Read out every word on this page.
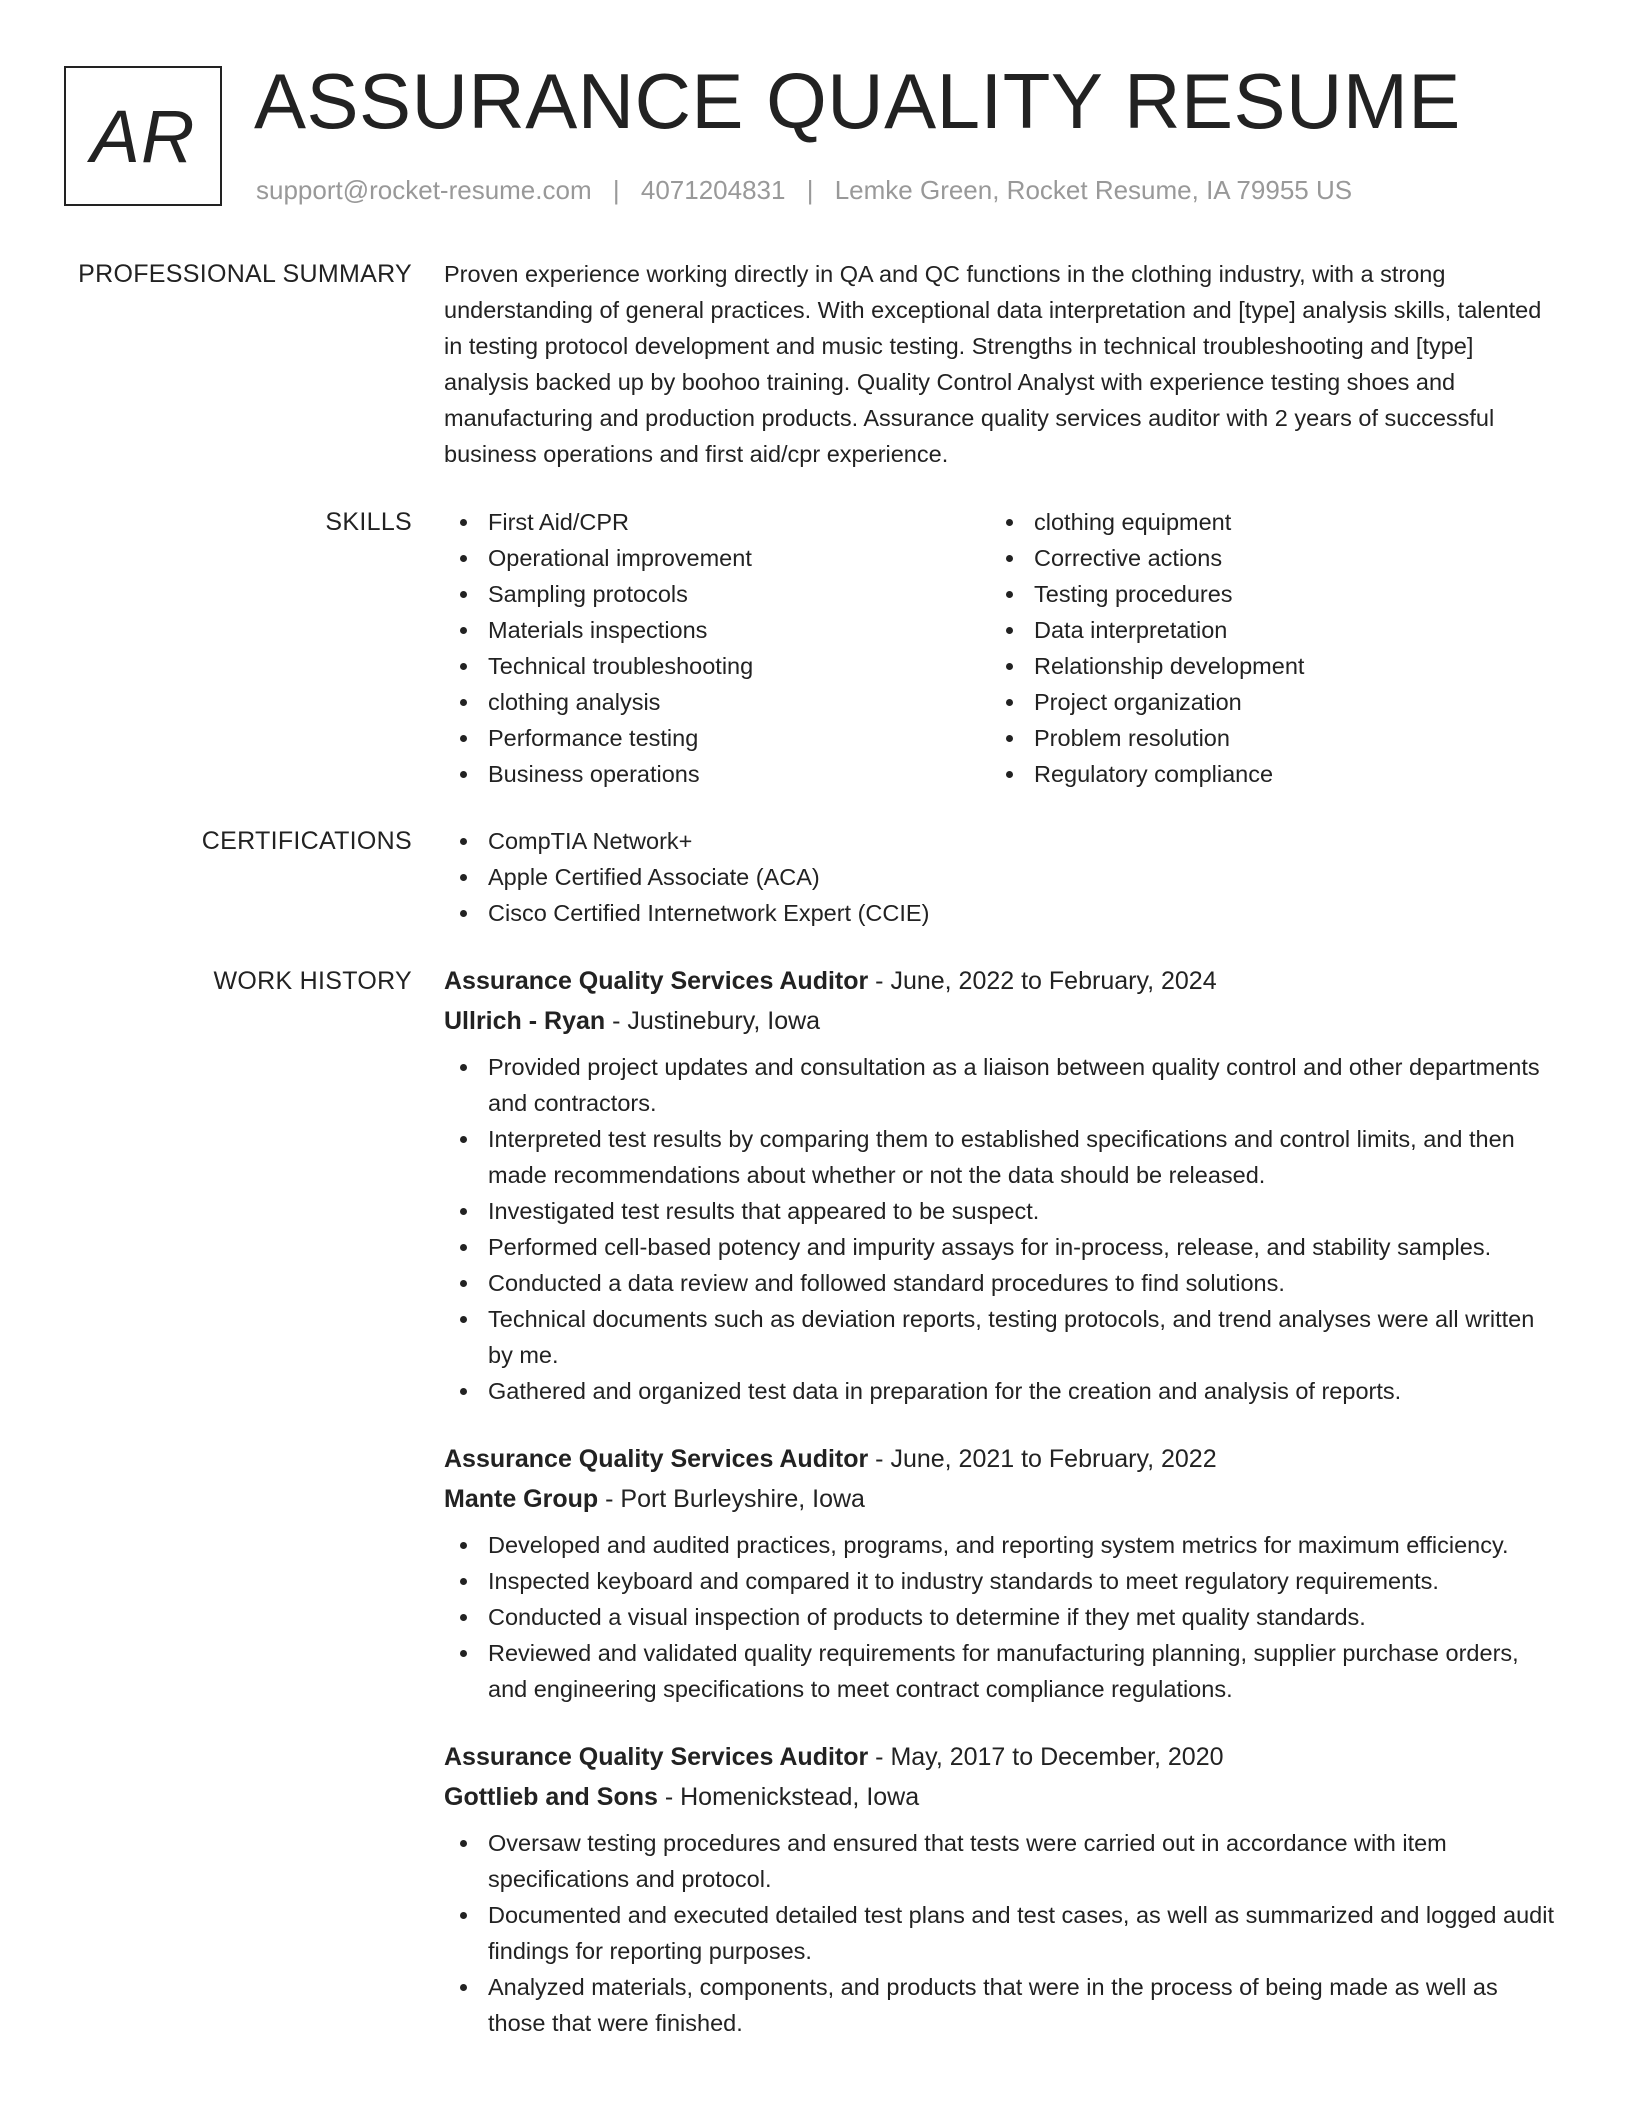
AR ASSURANCE QUALITY RESUME
support@rocket-resume.com | 4071204831 | Lemke Green, Rocket Resume, IA 79955 US
PROFESSIONAL SUMMARY Proven experience working directly in QA and QC functions in the clothing industry, with a strong understanding of general practices. With exceptional data interpretation and [type] analysis skills, talented in testing protocol development and music testing. Strengths in technical troubleshooting and [type] analysis backed up by boohoo training. Quality Control Analyst with experience testing shoes and manufacturing and production products. Assurance quality services auditor with 2 years of successful business operations and first aid/cpr experience.
SKILLS	First Aid/CPR
Operational improvement
Sampling protocols
Materials inspections
Technical troubleshooting
clothing analysis
Performance testing
Business operations
clothing equipment
Corrective actions
Testing procedures
Data interpretation
Relationship development
Project organization
Problem resolution
Regulatory compliance
CERTIFICATIONS	CompTIA Network+
Apple Certified Associate (ACA)
Cisco Certified Internetwork Expert (CCIE)
WORK HISTORY Assurance Quality Services Auditor - June, 2022 to February, 2024
Ullrich - Ryan - Justinebury, Iowa
Provided project updates and consultation as a liaison between quality control and other departments and contractors.
Interpreted test results by comparing them to established specifications and control limits, and then made recommendations about whether or not the data should be released.
Investigated test results that appeared to be suspect.
Performed cell-based potency and impurity assays for in-process, release, and stability samples.
Conducted a data review and followed standard procedures to find solutions.
Technical documents such as deviation reports, testing protocols, and trend analyses were all written by me.
Gathered and organized test data in preparation for the creation and analysis of reports.
Assurance Quality Services Auditor - June, 2021 to February, 2022
Mante Group - Port Burleyshire, Iowa
Developed and audited practices, programs, and reporting system metrics for maximum efficiency.
Inspected keyboard and compared it to industry standards to meet regulatory requirements.
Conducted a visual inspection of products to determine if they met quality standards.
Reviewed and validated quality requirements for manufacturing planning, supplier purchase orders, and engineering specifications to meet contract compliance regulations.
Assurance Quality Services Auditor - May, 2017 to December, 2020
Gottlieb and Sons - Homenickstead, Iowa
Oversaw testing procedures and ensured that tests were carried out in accordance with item specifications and protocol.
Documented and executed detailed test plans and test cases, as well as summarized and logged audit findings for reporting purposes.
Analyzed materials, components, and products that were in the process of being made as well as those that were finished.
